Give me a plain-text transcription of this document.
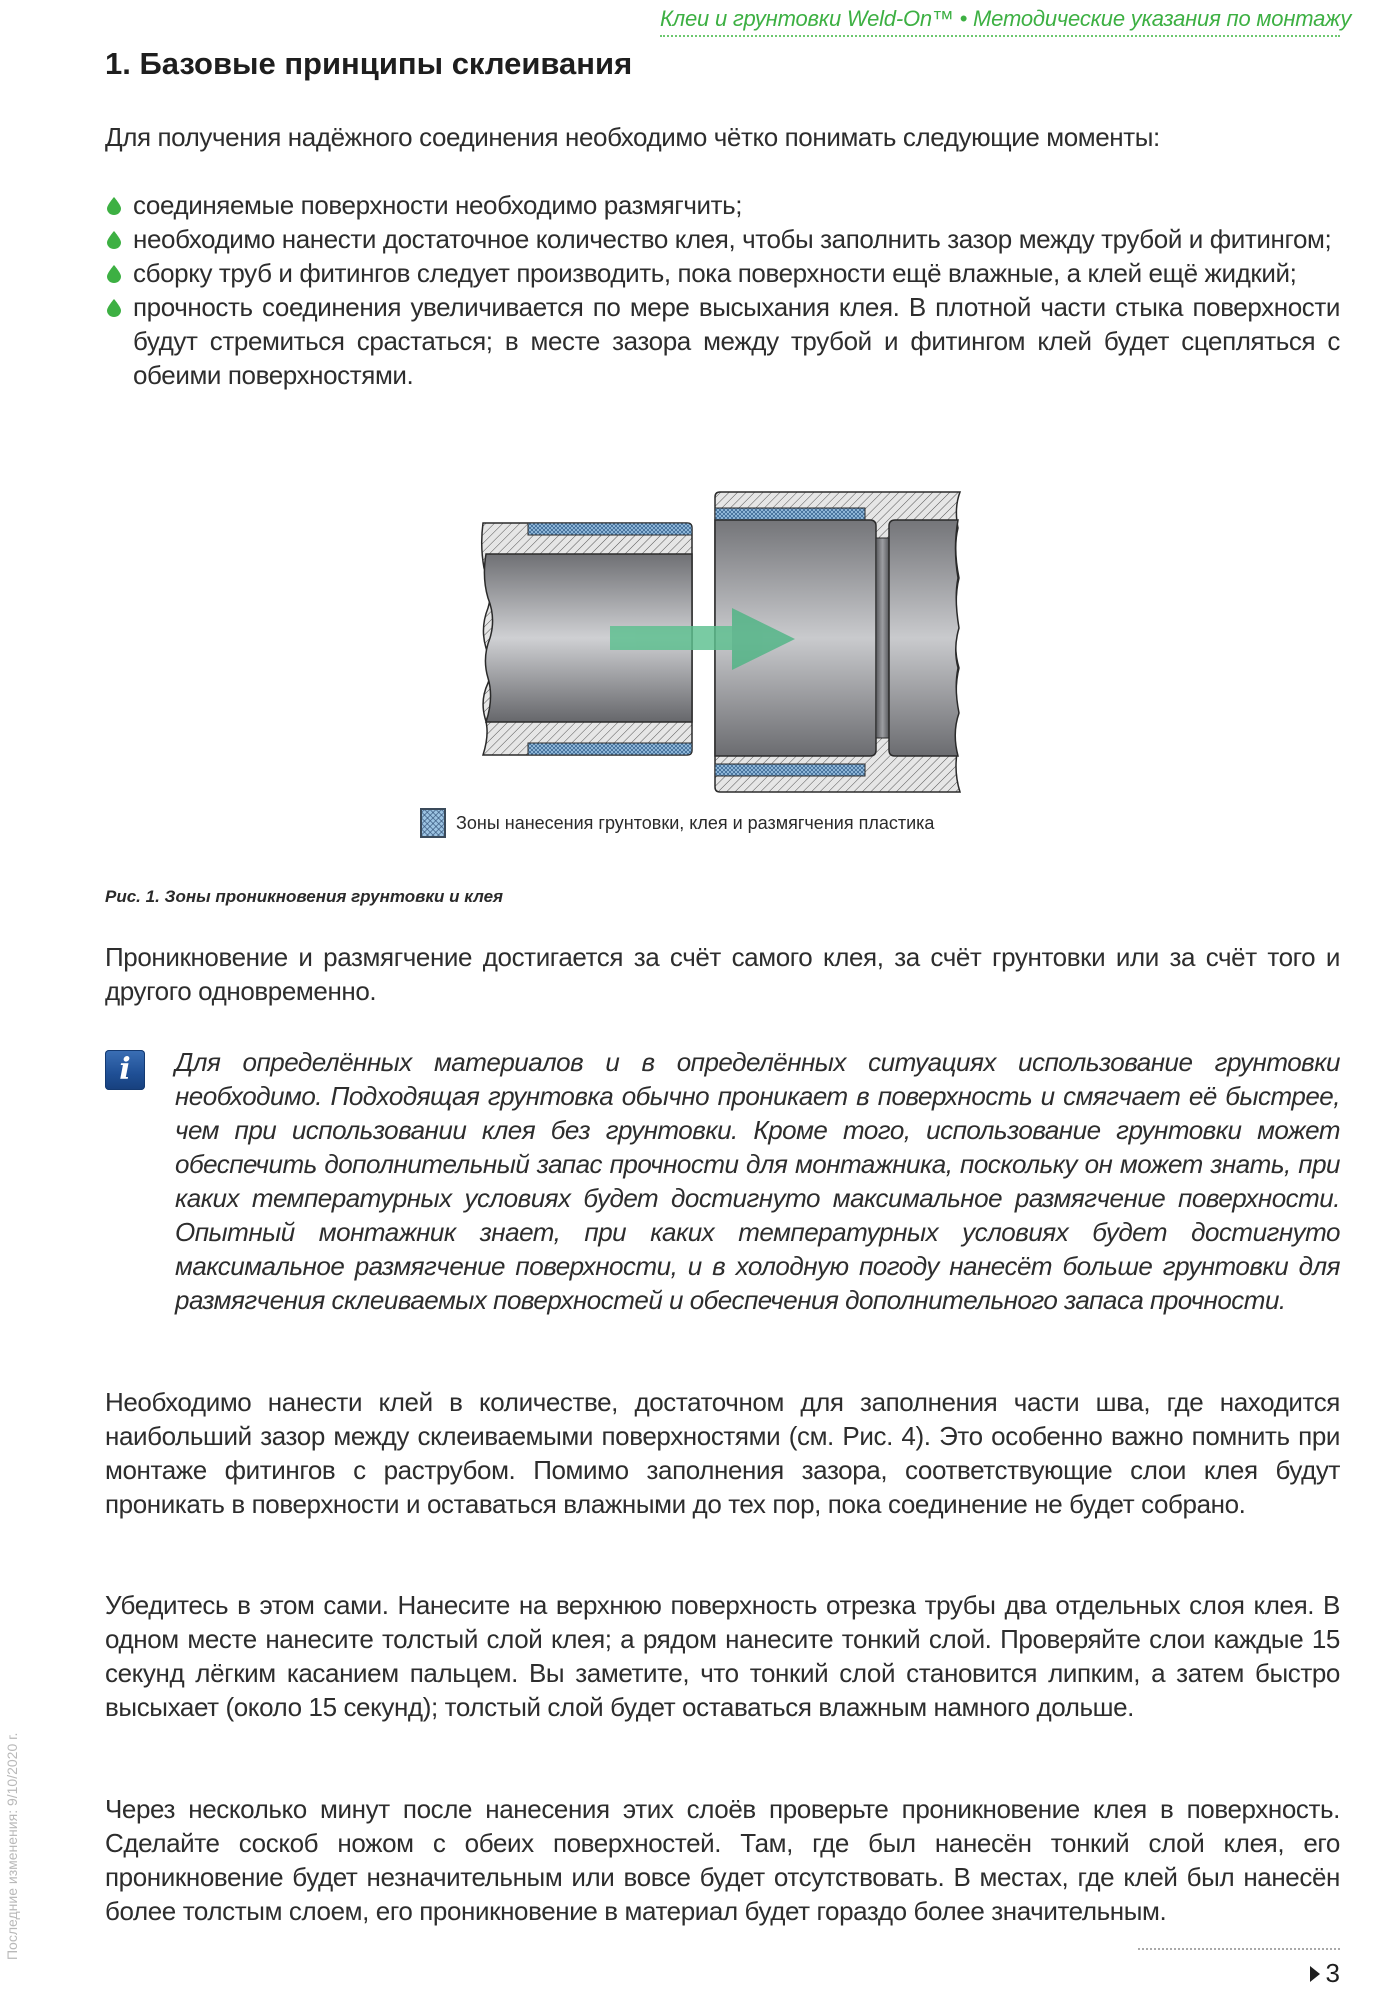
Клеи и грунтовки Weld-On™ • Методические указания по монтажу
1. Базовые принципы склеивания

Для получения надёжного соединения необходимо чётко понимать следующие моменты:

соединяемые поверхности необходимо размягчить;
необходимо нанести достаточное количество клея, чтобы заполнить зазор между трубой и фитингом;
сборку труб и фитингов следует производить, пока поверхности ещё влажные, а клей ещё жидкий;
прочность соединения увеличивается по мере высыхания клея. В плотной части стыка поверхности будут стремиться срастаться; в месте зазора между трубой и фитингом клей будет сцепляться с обеими поверхностями.
Зоны нанесения грунтовки, клея и размягчения пластика
Рис. 1. Зоны проникновения грунтовки и клея

Проникновение и размягчение достигается за счёт самого клея, за счёт грунтовки или за счёт того и другого одновременно.

i	Для определённых материалов и в определённых ситуациях использование грунтовки необходимо. Подходящая грунтовка обычно проникает в поверхность и смягчает её быстрее, чем при использовании клея без грунтовки. Кроме того, использование грунтовки может обеспечить дополнительный запас прочности для монтажника, поскольку он может знать, при каких температурных условиях будет достигнуто максимальное размягчение поверхности. Опытный монтажник знает, при каких температурных условиях будет достигнуто максимальное размягчение поверхности, и в холодную погоду нанесёт больше грунтовки для размягчения склеиваемых поверхностей и обеспечения дополнительного запаса прочности.

Необходимо нанести клей в количестве, достаточном для заполнения части шва, где находится наибольший зазор между склеиваемыми поверхностями (см. Рис. 4). Это особенно важно помнить при монтаже фитингов с раструбом. Помимо заполнения зазора, соответствующие слои клея будут проникать в поверхности и оставаться влажными до тех пор, пока соединение не будет собрано.

Убедитесь в этом сами. Нанесите на верхнюю поверхность отрезка трубы два отдельных слоя клея. В одном месте нанесите толстый слой клея; а рядом нанесите тонкий слой. Проверяйте слои каждые 15 секунд лёгким касанием пальцем. Вы заметите, что тонкий слой становится липким, а затем быстро высыхает (около 15 секунд); толстый слой будет оставаться влажным намного дольше.

Через несколько минут после нанесения этих слоёв проверьте проникновение клея в поверхность. Сделайте соскоб ножом с обеих поверхностей. Там, где был нанесён тонкий слой клея, его проникновение будет незначительным или вовсе будет отсутствовать. В местах, где клей был нанесён более толстым слоем, его проникновение в материал будет гораздо более значительным.

Последние изменения: 9/10/2020 г.
3
